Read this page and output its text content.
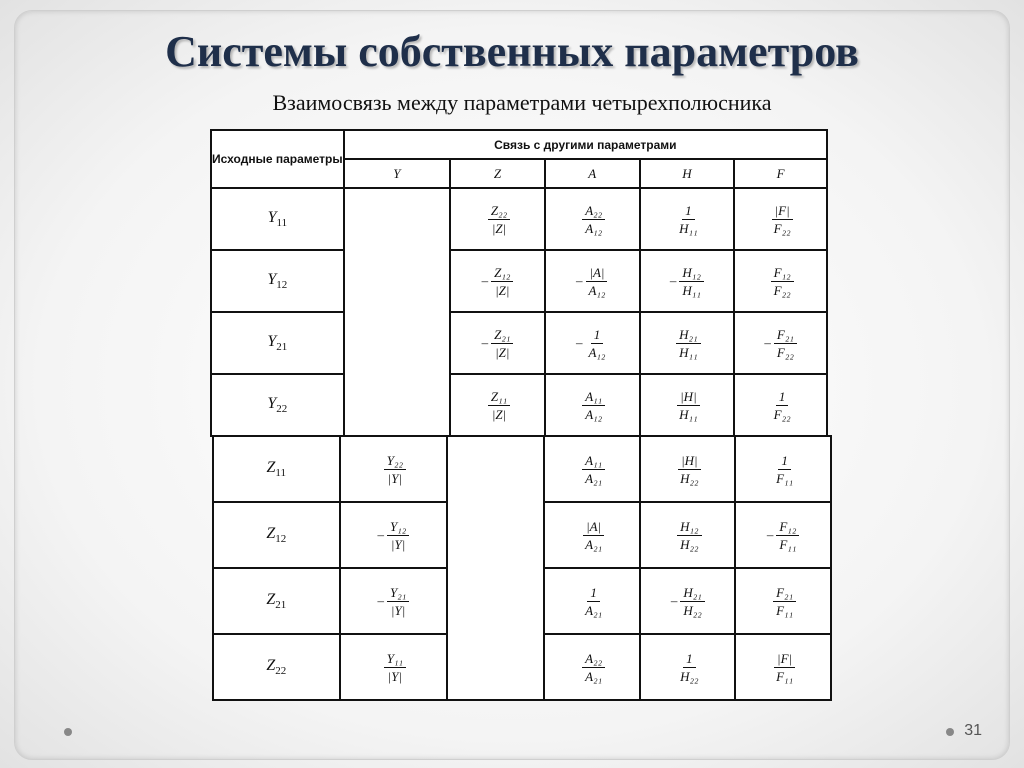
Системы собственных параметров
Взаимосвязь между параметрами четырехполюсника
Исходные параметры	Связь с другими параметрами				
	Y	Z	A	H	F
$Y_{11}$		$\frac{\text{Z₂₂}}{|Z|}$	$\frac{\text{A₂₂}}{\text{A₁₂}}$	$\frac{1}{\text{H₁₁}}$	$\frac{|F|}{\text{F₂₂}}$

$Y_{12}$		– $\frac{\text{Z₁₂}}{|Z|}$	– $\frac{|A|}{\text{A₁₂}}$	– $\frac{\text{H₁₂}}{\text{H₁₁}}$	$\frac{\text{F₁₂}}{\text{F₂₂}}$

$Y_{21}$		– $\frac{\text{Z₂₁}}{|Z|}$	– $\frac{1}{\text{A₁₂}}$	$\frac{\text{H₂₁}}{\text{H₁₁}}$	– $\frac{\text{F₂₁}}{\text{F₂₂}}$

$Y_{22}$		$\frac{\text{Z₁₁}}{|Z|}$	$\frac{\text{A₁₁}}{\text{A₁₂}}$	$\frac{|H|}{\text{H₁₁}}$	$\frac{1}{\text{F₂₂}}$
$Z_{11}$	$\frac{\text{Y₂₂}}{|Y|}$		$\frac{\text{A₁₁}}{\text{A₂₁}}$	$\frac{|H|}{\text{H₂₂}}$	$\frac{1}{\text{F₁₁}}$

$Z_{12}$	– $\frac{\text{Y₁₂}}{|Y|}$		$\frac{|A|}{\text{A₂₁}}$	$\frac{\text{H₁₂}}{\text{H₂₂}}$	– $\frac{\text{F₁₂}}{\text{F₁₁}}$

$Z_{21}$	– $\frac{\text{Y₂₁}}{|Y|}$		$\frac{1}{\text{A₂₁}}$	– $\frac{\text{H₂₁}}{\text{H₂₂}}$	$\frac{\text{F₂₁}}{\text{F₁₁}}$

$Z_{22}$	$\frac{\text{Y₁₁}}{|Y|}$		$\frac{\text{A₂₂}}{\text{A₂₁}}$	$\frac{1}{\text{H₂₂}}$	$\frac{|F|}{\text{F₁₁}}$
31
